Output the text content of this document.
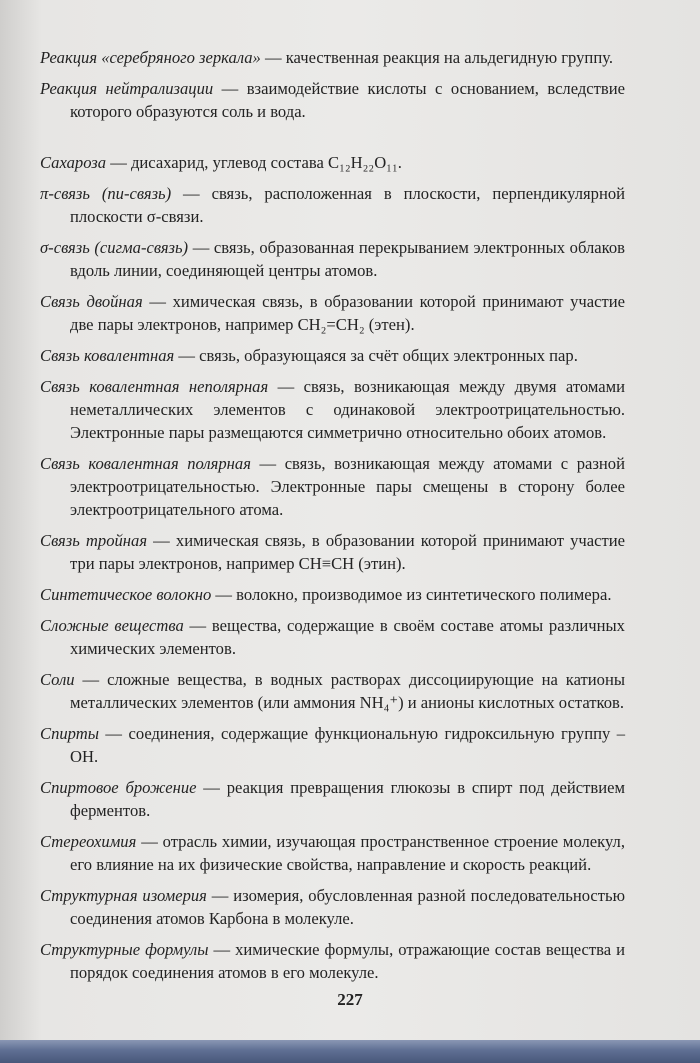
Реакция «серебряного зеркала» — качественная реакция на альдегидную группу.

Реакция нейтрализации — взаимодействие кислоты с основанием, вследствие которого образуются соль и вода.

Сахароза — дисахарид, углевод состава C₁₂H₂₂O₁₁.

π-связь (пи-связь) — связь, расположенная в плоскости, перпендикулярной плоскости σ-связи.

σ-связь (сигма-связь) — связь, образованная перекрыванием электронных облаков вдоль линии, соединяющей центры атомов.

Связь двойная — химическая связь, в образовании которой принимают участие две пары электронов, например CH₂=CH₂ (этен).

Связь ковалентная — связь, образующаяся за счёт общих электронных пар.

Связь ковалентная неполярная — связь, возникающая между двумя атомами неметаллических элементов с одинаковой электроотрицательностью. Электронные пары размещаются симметрично относительно обоих атомов.

Связь ковалентная полярная — связь, возникающая между атомами с разной электроотрицательностью. Электронные пары смещены в сторону более электроотрицательного атома.

Связь тройная — химическая связь, в образовании которой принимают участие три пары электронов, например CH≡CH (этин).

Синтетическое волокно — волокно, производимое из синтетического полимера.

Сложные вещества — вещества, содержащие в своём составе атомы различных химических элементов.

Соли — сложные вещества, в водных растворах диссоциирующие на катионы металлических элементов (или аммония NH₄⁺) и анионы кислотных остатков.

Спирты — соединения, содержащие функциональную гидроксильную группу –OH.

Спиртовое брожение — реакция превращения глюкозы в спирт под действием ферментов.

Стереохимия — отрасль химии, изучающая пространственное строение молекул, его влияние на их физические свойства, направление и скорость реакций.

Структурная изомерия — изомерия, обусловленная разной последовательностью соединения атомов Карбона в молекуле.

Структурные формулы — химические формулы, отражающие состав вещества и порядок соединения атомов в его молекуле.

227
